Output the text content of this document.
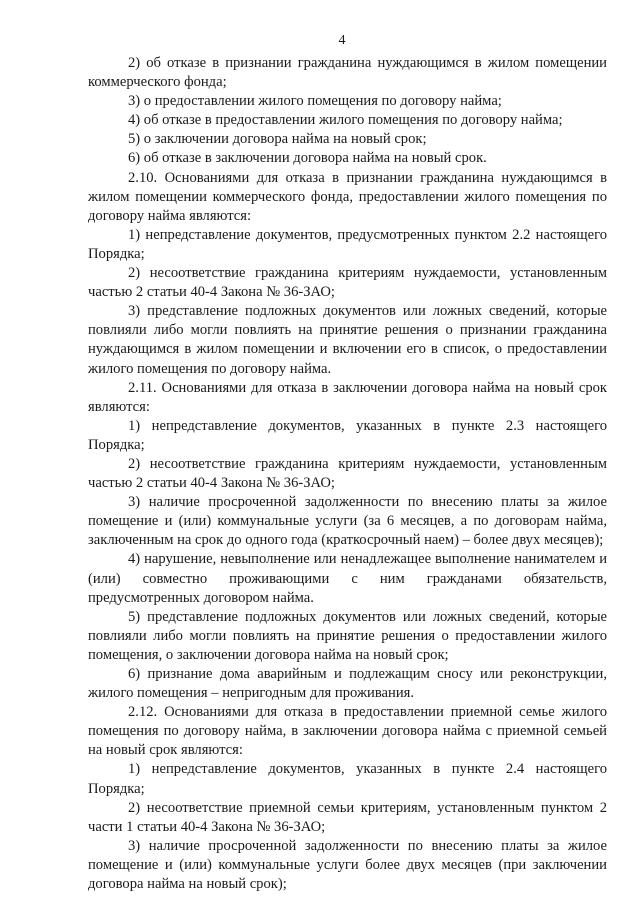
4

2) об отказе в признании гражданина нуждающимся в жилом помещении коммерческого фонда;

3) о предоставлении жилого помещения по договору найма;

4) об отказе в предоставлении жилого помещения по договору найма;

5) о заключении договора найма на новый срок;

6) об отказе в заключении договора найма на новый срок.

2.10. Основаниями для отказа в признании гражданина нуждающимся в жилом помещении коммерческого фонда, предоставлении жилого помещения по договору найма являются:

1) непредставление документов, предусмотренных пунктом 2.2 настоящего Порядка;

2) несоответствие гражданина критериям нуждаемости, установленным частью 2 статьи 40-4 Закона № 36-ЗАО;

3) представление подложных документов или ложных сведений, которые повлияли либо могли повлиять на принятие решения о признании гражданина нуждающимся в жилом помещении и включении его в список, о предоставлении жилого помещения по договору найма.

2.11. Основаниями для отказа в заключении договора найма на новый срок являются:

1) непредставление документов, указанных в пункте 2.3 настоящего Порядка;

2) несоответствие гражданина критериям нуждаемости, установленным частью 2 статьи 40-4 Закона № 36-ЗАО;

3) наличие просроченной задолженности по внесению платы за жилое помещение и (или) коммунальные услуги (за 6 месяцев, а по договорам найма, заключенным на срок до одного года (краткосрочный наем) – более двух месяцев);

4) нарушение, невыполнение или ненадлежащее выполнение нанимателем и (или) совместно проживающими с ним гражданами обязательств, предусмотренных договором найма.

5) представление подложных документов или ложных сведений, которые повлияли либо могли повлиять на принятие решения о предоставлении жилого помещения, о заключении договора найма на новый срок;

6) признание дома аварийным и подлежащим сносу или реконструкции, жилого помещения – непригодным для проживания.

2.12. Основаниями для отказа в предоставлении приемной семье жилого помещения по договору найма, в заключении договора найма с приемной семьей на новый срок являются:

1) непредставление документов, указанных в пункте 2.4 настоящего Порядка;

2) несоответствие приемной семьи критериям, установленным пунктом 2 части 1 статьи 40-4 Закона № 36-ЗАО;

3) наличие просроченной задолженности по внесению платы за жилое помещение и (или) коммунальные услуги более двух месяцев (при заключении договора найма на новый срок);
